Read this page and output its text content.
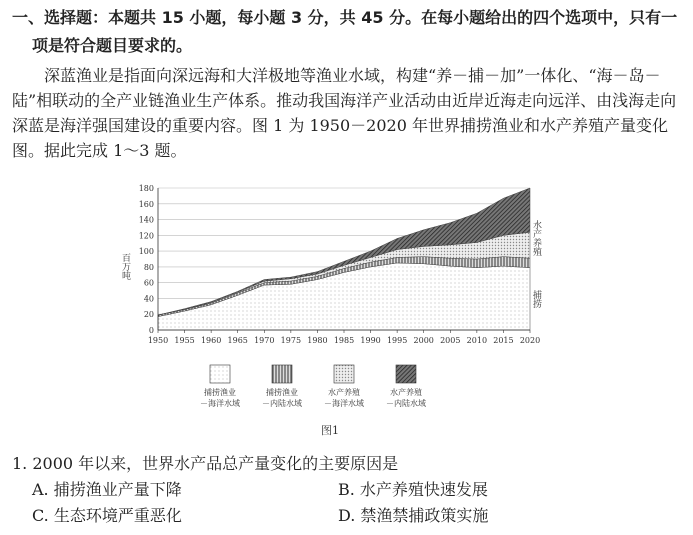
一、选择题：本题共 15 小题，每小题 3 分，共 45 分。在每小题给出的四个选项中，只有一
项是符合题目要求的。
深蓝渔业是指面向深远海和大洋极地等渔业水域，构建“养－捕－加”一体化、“海－岛－陆”相联动的全产业链渔业生产体系。推动我国海洋产业活动由近岸近海走向远洋、由浅海走向深蓝是海洋强国建设的重要内容。图 1 为 1950－2020 年世界捕捞渔业和水产养殖产量变化图。据此完成 1～3 题。
0
20
40
60
80
100
120
140
160
180
1950 1955 1960 1965 1970 1975 1980 1985 1990 1995 2000 2005 2010 2015 2020
百万吨
水产养殖
捕捞
捕捞渔业
－海洋水域
捕捞渔业
－内陆水域
水产养殖
－海洋水域
水产养殖
－内陆水域
图1
1. 2000 年以来，世界水产品总产量变化的主要原因是
A. 捕捞渔业产量下降	B. 水产养殖快速发展
C. 生态环境严重恶化	D. 禁渔禁捕政策实施
